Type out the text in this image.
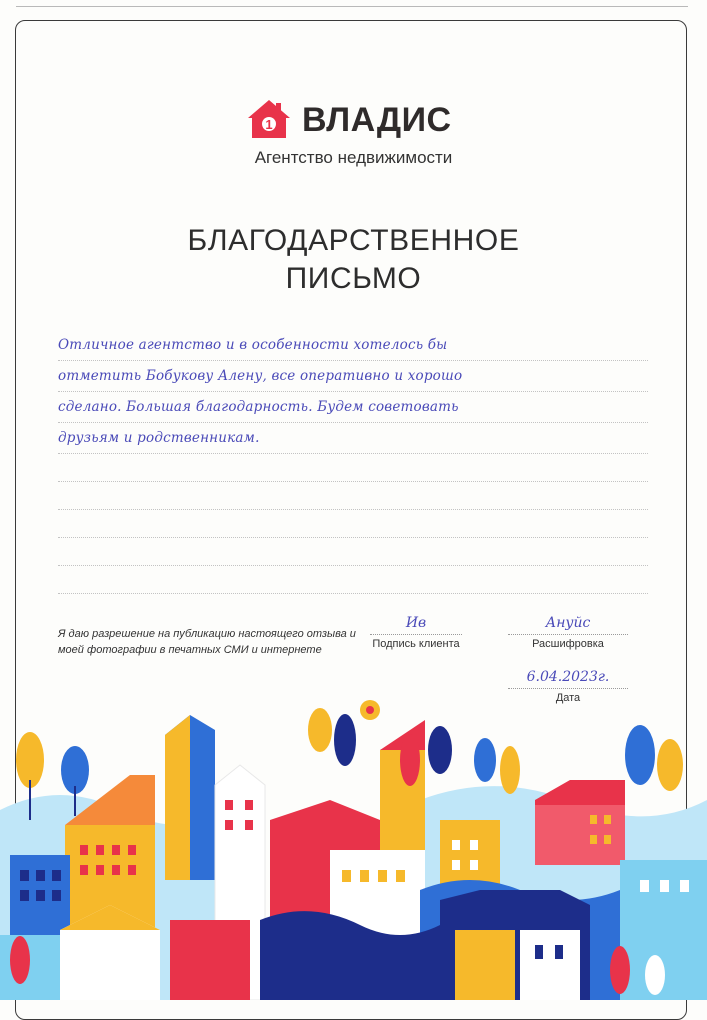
1 ВЛАДИС
Агентство недвижимости
БЛАГОДАРСТВЕННОЕ
ПИСЬМО
Отличное агентство и в особенности хотелось бы
отметить Бобукову Алену, все оперативно и хорошо
сделано. Большая благодарность. Будем советовать
друзьям и родственникам.
Я даю разрешение на публикацию настоящего отзыва и моей фотографии в печатных СМИ и интернете
Ив
Подпись клиента
Ануйс
Расшифровка
6.04.2023г.
Дата
